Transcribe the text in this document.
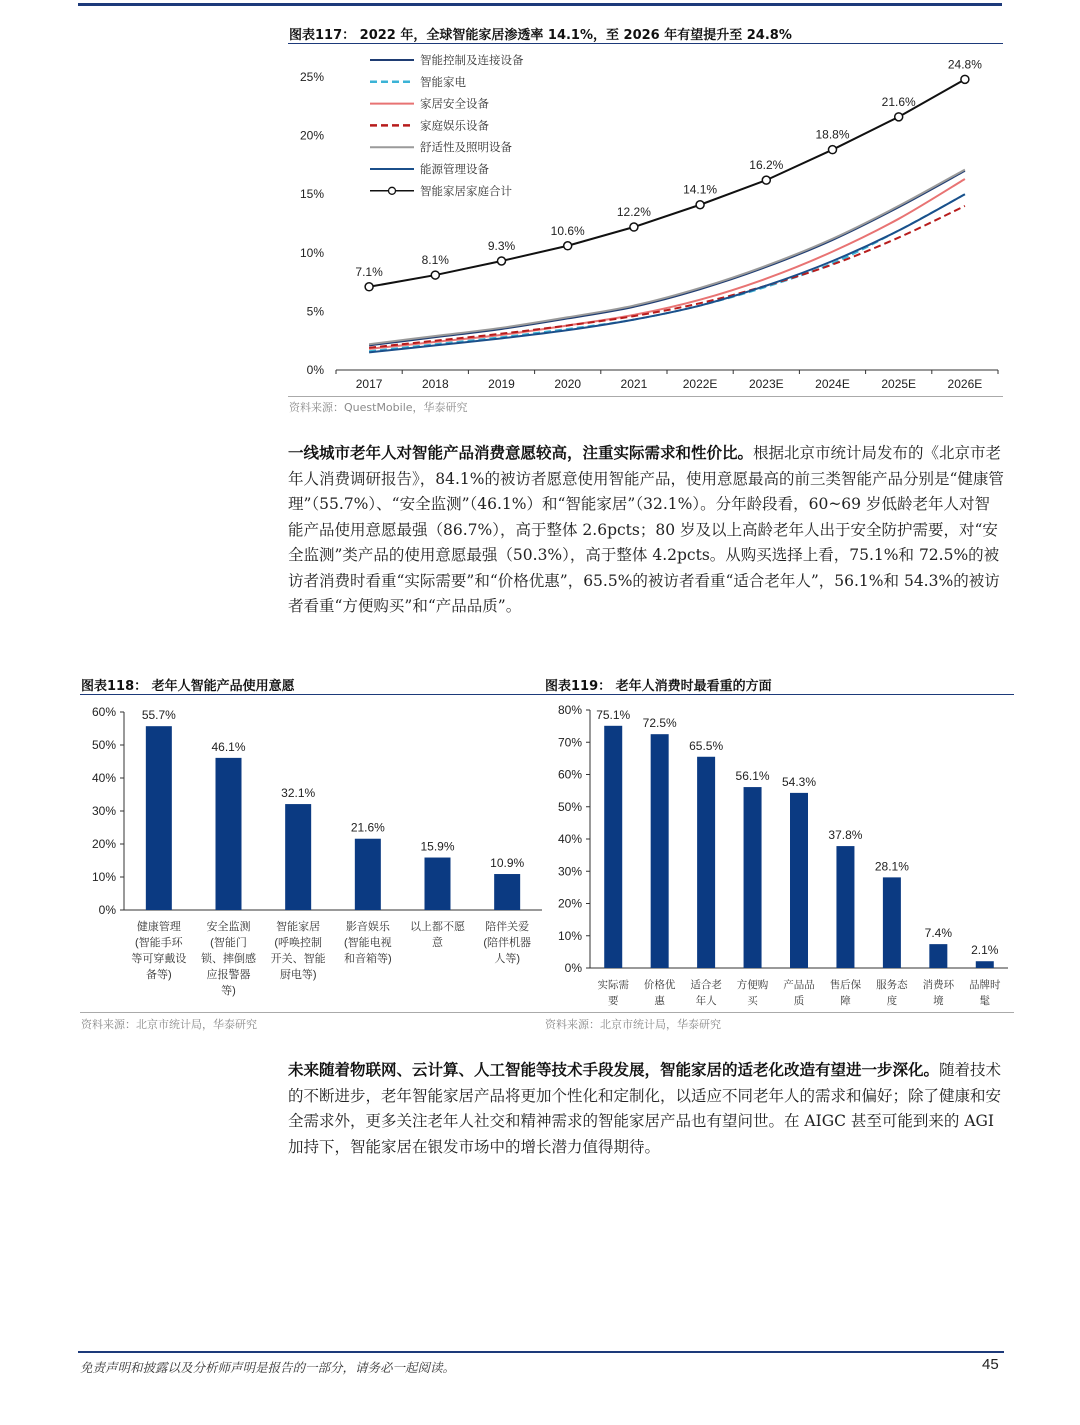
图表117： 2022 年，全球智能家居渗透率 14.1%，至 2026 年有望提升至 24.8%
0%
5%
10%
15%
20%
25%
2017	2018	2019	2020	2021	2022E	2023E	2024E	2025E	2026E
7.1%
8.1%
9.3%
10.6%
12.2%
14.1%
16.2%
18.8%
21.6%
24.8%
智能控制及连接设备
智能家电
家居安全设备
家庭娱乐设备
舒适性及照明设备
能源管理设备
智能家居家庭合计
资料来源：QuestMobile，华泰研究

一线城市老年人对智能产品消费意愿较高，注重实际需求和性价比。根据北京市统计局发布的《北京市老年人消费调研报告》，84.1%的被访者愿意使用智能产品，使用意愿最高的前三类智能产品分别是“健康管理”（55.7%）、“安全监测”（46.1%）和“智能家居”（32.1%）。分年龄段看，60~69 岁低龄老年人对智能产品使用意愿最强（86.7%），高于整体 2.6pcts；80 岁及以上高龄老年人出于安全防护需要，对“安全监测”类产品的使用意愿最强（50.3%），高于整体 4.2pcts。从购买选择上看，75.1%和 72.5%的被访者消费时看重“实际需要”和“价格优惠”，65.5%的被访者看重“适合老年人”，56.1%和 54.3%的被访者看重“方便购买”和“产品品质”。

图表118： 老年人智能产品使用意愿
0%
10%
20%
30%
40%
50%
60% 55.7%
健康管理
(智能手环
等可穿戴设
备等)
46.1%
安全监测
(智能门
锁、摔倒感
应报警器
等)
32.1%
智能家居
(呼唤控制
开关、智能
厨电等)
21.6%
影音娱乐
(智能电视
和音箱等)
15.9%
以上都不愿
意
10.9%
陪伴关爱
(陪伴机器
人等)
资料来源：北京市统计局，华泰研究
图表119： 老年人消费时最看重的方面
0%
10%
20%
30%
40%
50%
60%
70%
80% 75.1%
实际需
要
72.5%
价格优
惠
65.5%
适合老
年人
56.1%
方便购
买
54.3%
产品品
质
37.8%
售后保
障
28.1%
服务态
度
7.4%
消费环
境
2.1%
品牌时
髦
资料来源：北京市统计局，华泰研究

未来随着物联网、云计算、人工智能等技术手段发展，智能家居的适老化改造有望进一步深化。随着技术的不断进步，老年智能家居产品将更加个性化和定制化，以适应不同老年人的需求和偏好；除了健康和安全需求外，更多关注老年人社交和精神需求的智能家居产品也有望问世。在 AIGC 甚至可能到来的 AGI 加持下，智能家居在银发市场中的增长潜力值得期待。

免责声明和披露以及分析师声明是报告的一部分，请务必一起阅读。	45
